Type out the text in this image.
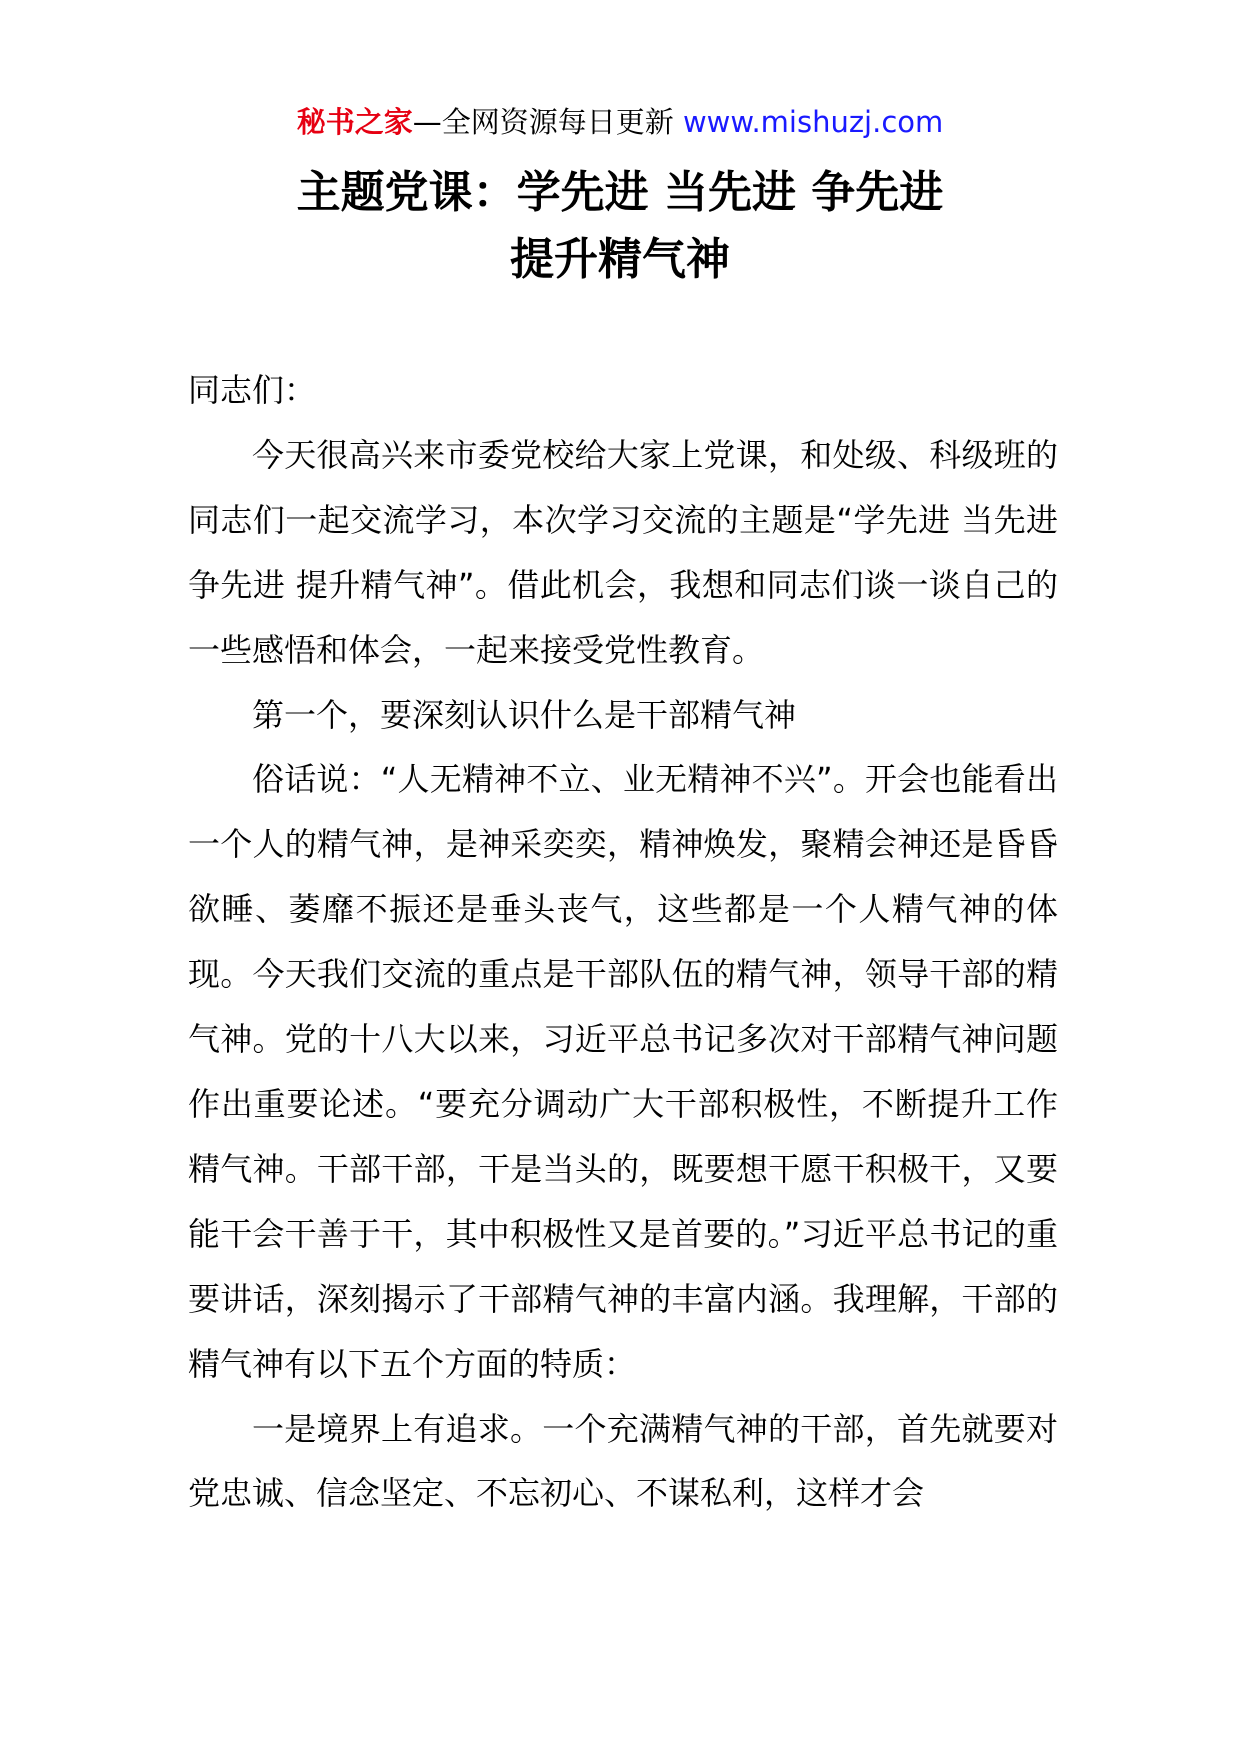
秘书之家—全网资源每日更新 www.mishuzj.com
主题党课：学先进 当先进 争先进
提升精气神

同志们：

今天很高兴来市委党校给大家上党课，和处级、科级班的同志们一起交流学习，本次学习交流的主题是“学先进 当先进 争先进 提升精气神”。借此机会，我想和同志们谈一谈自己的一些感悟和体会，一起来接受党性教育。

第一个，要深刻认识什么是干部精气神

俗话说：“人无精神不立、业无精神不兴”。开会也能看出一个人的精气神，是神采奕奕，精神焕发，聚精会神还是昏昏欲睡、萎靡不振还是垂头丧气，这些都是一个人精气神的体现。今天我们交流的重点是干部队伍的精气神，领导干部的精气神。党的十八大以来，习近平总书记多次对干部精气神问题作出重要论述。“要充分调动广大干部积极性，不断提升工作精气神。干部干部，干是当头的，既要想干愿干积极干，又要能干会干善于干，其中积极性又是首要的。”习近平总书记的重要讲话，深刻揭示了干部精气神的丰富内涵。我理解，干部的精气神有以下五个方面的特质：

一是境界上有追求。一个充满精气神的干部，首先就要对党忠诚、信念坚定、不忘初心、不谋私利，这样才会
